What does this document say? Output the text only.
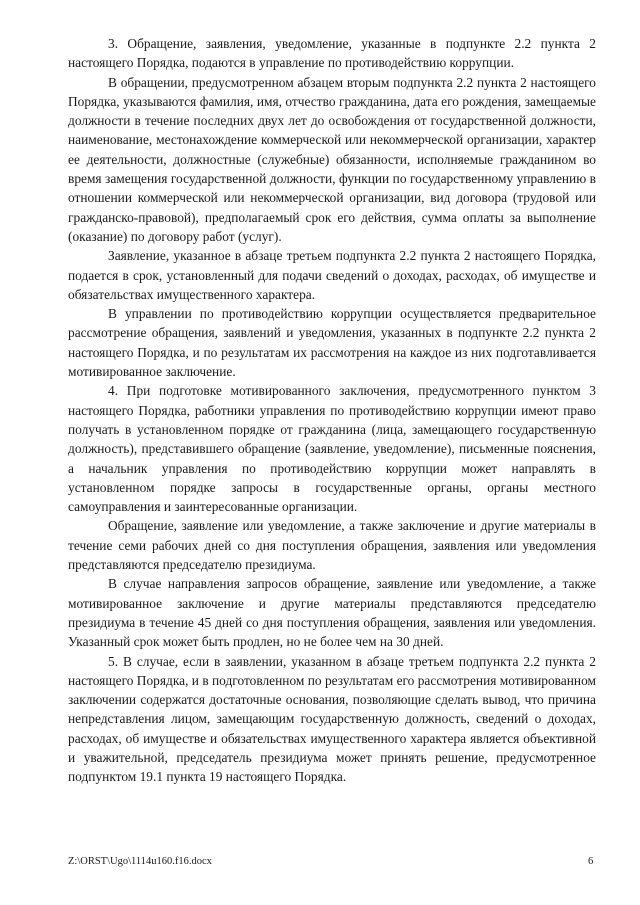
3. Обращение, заявления, уведомление, указанные в подпункте 2.2 пункта 2 настоящего Порядка, подаются в управление по противодействию коррупции.

В обращении, предусмотренном абзацем вторым подпункта 2.2 пункта 2 настоящего Порядка, указываются фамилия, имя, отчество гражданина, дата его рождения, замещаемые должности в течение последних двух лет до освобождения от государственной должности, наименование, местонахождение коммерческой или некоммерческой организации, характер ее деятельности, должностные (служебные) обязанности, исполняемые гражданином во время замещения государственной должности, функции по государственному управлению в отношении коммерческой или некоммерческой организации, вид договора (трудовой или гражданско-правовой), предполагаемый срок его действия, сумма оплаты за выполнение (оказание) по договору работ (услуг).

Заявление, указанное в абзаце третьем подпункта 2.2 пункта 2 настоящего Порядка, подается в срок, установленный для подачи сведений о доходах, расходах, об имуществе и обязательствах имущественного характера.

В управлении по противодействию коррупции осуществляется предварительное рассмотрение обращения, заявлений и уведомления, указанных в подпункте 2.2 пункта 2 настоящего Порядка, и по результатам их рассмотрения на каждое из них подготавливается мотивированное заключение.

4. При подготовке мотивированного заключения, предусмотренного пунктом 3 настоящего Порядка, работники управления по противодействию коррупции имеют право получать в установленном порядке от гражданина (лица, замещающего государственную должность), представившего обращение (заявление, уведомление), письменные пояснения, а начальник управления по противодействию коррупции может направлять в установленном порядке запросы в государственные органы, органы местного самоуправления и заинтересованные организации.

Обращение, заявление или уведомление, а также заключение и другие материалы в течение семи рабочих дней со дня поступления обращения, заявления или уведомления представляются председателю президиума.

В случае направления запросов обращение, заявление или уведомление, а также мотивированное заключение и другие материалы представляются председателю президиума в течение 45 дней со дня поступления обращения, заявления или уведомления. Указанный срок может быть продлен, но не более чем на 30 дней.

5. В случае, если в заявлении, указанном в абзаце третьем подпункта 2.2 пункта 2 настоящего Порядка, и в подготовленном по результатам его рассмотрения мотивированном заключении содержатся достаточные основания, позволяющие сделать вывод, что причина непредставления лицом, замещающим государственную должность, сведений о доходах, расходах, об имуществе и обязательствах имущественного характера является объективной и уважительной, председатель президиума может принять решение, предусмотренное подпунктом 19.1 пункта 19 настоящего Порядка.

Z:\ORST\Ugo\1114u160.f16.docx	6
